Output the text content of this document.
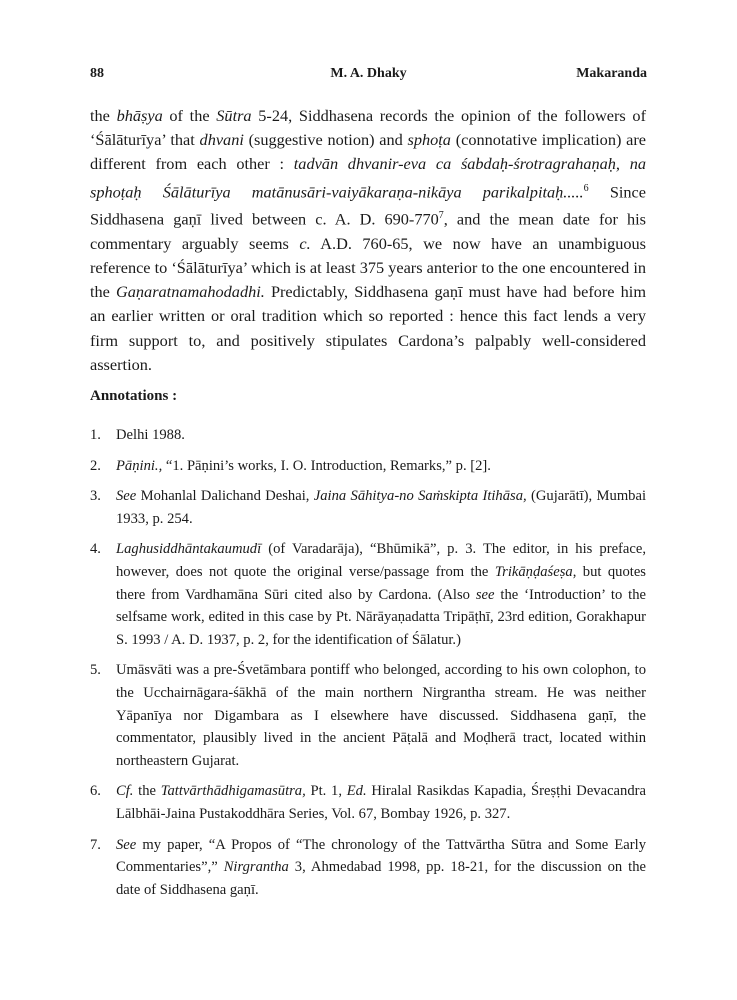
88	M. A. Dhaky	Makaranda

the bhāṣya of the Sūtra 5-24, Siddhasena records the opinion of the followers of ‘Śālāturīya’ that dhvani (suggestive notion) and sphoṭa (connotative implication) are different from each other : tadvān dhvanir-eva ca śabdaḥ-śrotragrahaṇaḥ, na sphoṭaḥ Śālāturīya matānusāri-vaiyākaraṇa-nikāya parikalpitaḥ.....$^6$ Since Siddhasena gaṇī lived between c. A. D. $690-770^7$, and the mean date for his commentary arguably seems c. A.D. 760-65, we now have an unambiguous reference to ‘Śālāturīya’ which is at least 375 years anterior to the one encountered in the Gaṇaratnamahodadhi. Predictably, Siddhasena gaṇī must have had before him an earlier written or oral tradition which so reported : hence this fact lends a very firm support to, and positively stipulates Cardona’s palpably well-considered assertion.

Annotations :
1.	Delhi 1988.
2.	Pāṇini., “1. Pāṇini’s works, I. O. Introduction, Remarks,” p. [2].
3.	See Mohanlal Dalichand Deshai, Jaina Sāhitya-no Saṁskipta Itihāsa, (Gujarātī), Mumbai 1933, p. 254.
4.	Laghusiddhāntakaumudī (of Varadarāja), “Bhūmikā”, p. 3. The editor, in his preface, however, does not quote the original verse/passage from the Trikāṇḍaśeṣa, but quotes there from Vardhamāna Sūri cited also by Cardona. (Also see the ‘Introduction’ to the selfsame work, edited in this case by Pt. Nārāyaṇadatta Tripāṭhī, 23rd edition, Gorakhapur S. 1993 / A. D. 1937, p. 2, for the identification of Śālatur.)
5.	Umāsvāti was a pre-Śvetāmbara pontiff who belonged, according to his own colophon, to the Ucchairnāgara-śākhā of the main northern Nirgrantha stream. He was neither Yāpanīya nor Digambara as I elsewhere have discussed. Siddhasena gaṇī, the commentator, plausibly lived in the ancient Pāṭalā and Moḍherā tract, located within northeastern Gujarat.
6.	Cf. the Tattvārthādhigamasūtra, Pt. 1, Ed. Hiralal Rasikdas Kapadia, Śreṣṭhi Devacandra Lālbhāi-Jaina Pustakoddhāra Series, Vol. 67, Bombay 1926, p. 327.
7.	See my paper, “A Propos of “The chronology of the Tattvārtha Sūtra and Some Early Commentaries”,” Nirgrantha 3, Ahmedabad 1998, pp. 18-21, for the discussion on the date of Siddhasena gaṇī.
